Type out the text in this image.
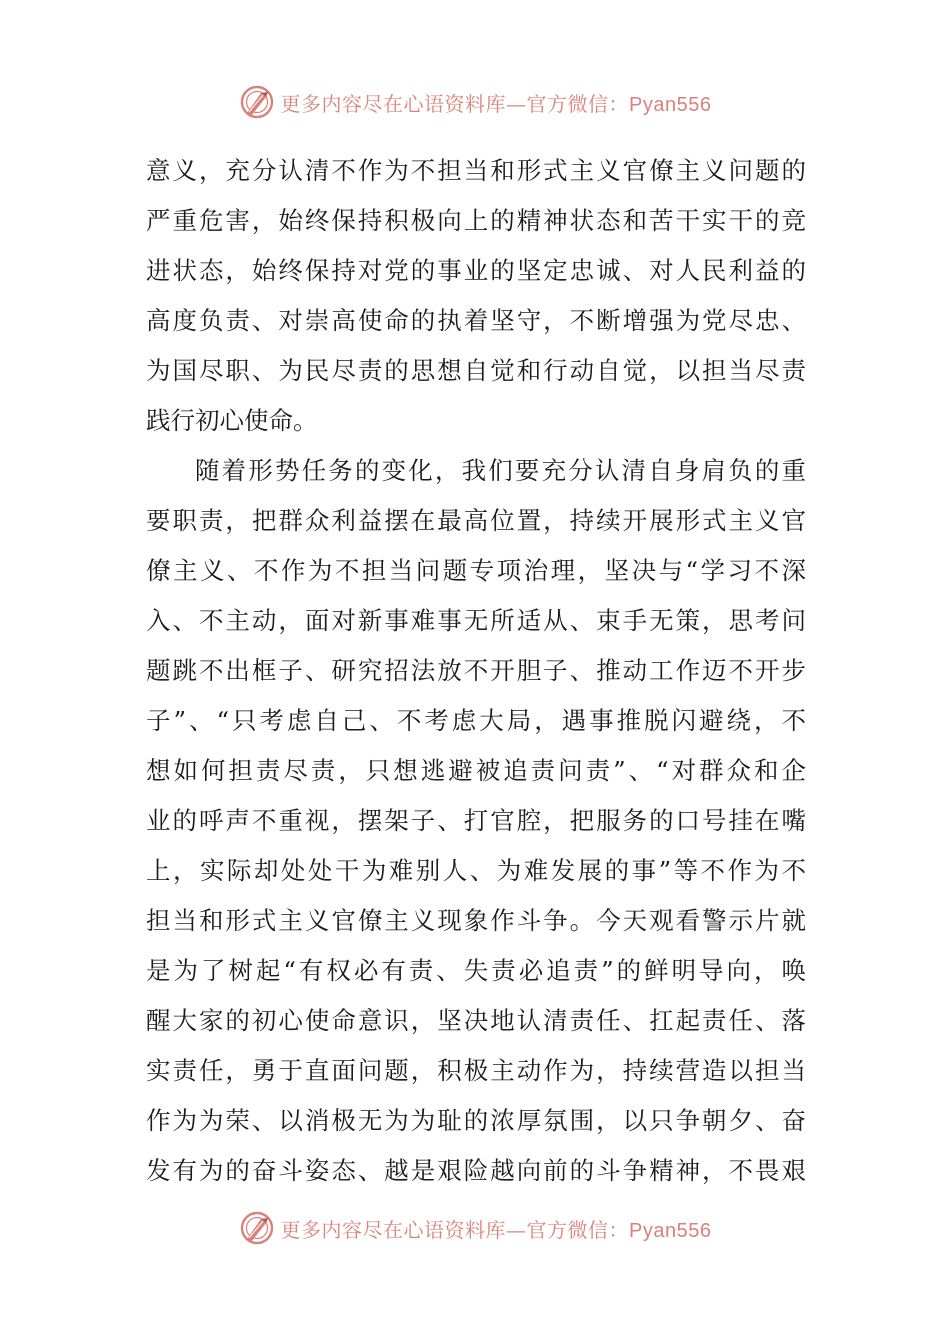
更多内容尽在心语资料库—官方微信：Pyan556
意义，充分认清不作为不担当和形式主义官僚主义问题的
严重危害，始终保持积极向上的精神状态和苦干实干的竞
进状态，始终保持对党的事业的坚定忠诚、对人民利益的
高度负责、对崇高使命的执着坚守，不断增强为党尽忠、
为国尽职、为民尽责的思想自觉和行动自觉，以担当尽责
践行初心使命。
随着形势任务的变化，我们要充分认清自身肩负的重
要职责，把群众利益摆在最高位置，持续开展形式主义官
僚主义、不作为不担当问题专项治理，坚决与“学习不深
入、不主动，面对新事难事无所适从、束手无策，思考问
题跳不出框子、研究招法放不开胆子、推动工作迈不开步
子”、“只考虑自己、不考虑大局，遇事推脱闪避绕，不
想如何担责尽责，只想逃避被追责问责”、“对群众和企
业的呼声不重视，摆架子、打官腔，把服务的口号挂在嘴
上，实际却处处干为难别人、为难发展的事”等不作为不
担当和形式主义官僚主义现象作斗争。今天观看警示片就
是为了树起“有权必有责、失责必追责”的鲜明导向，唤
醒大家的初心使命意识，坚决地认清责任、扛起责任、落
实责任，勇于直面问题，积极主动作为，持续营造以担当
作为为荣、以消极无为为耻的浓厚氛围，以只争朝夕、奋
发有为的奋斗姿态、越是艰险越向前的斗争精神，不畏艰
更多内容尽在心语资料库—官方微信：Pyan556
